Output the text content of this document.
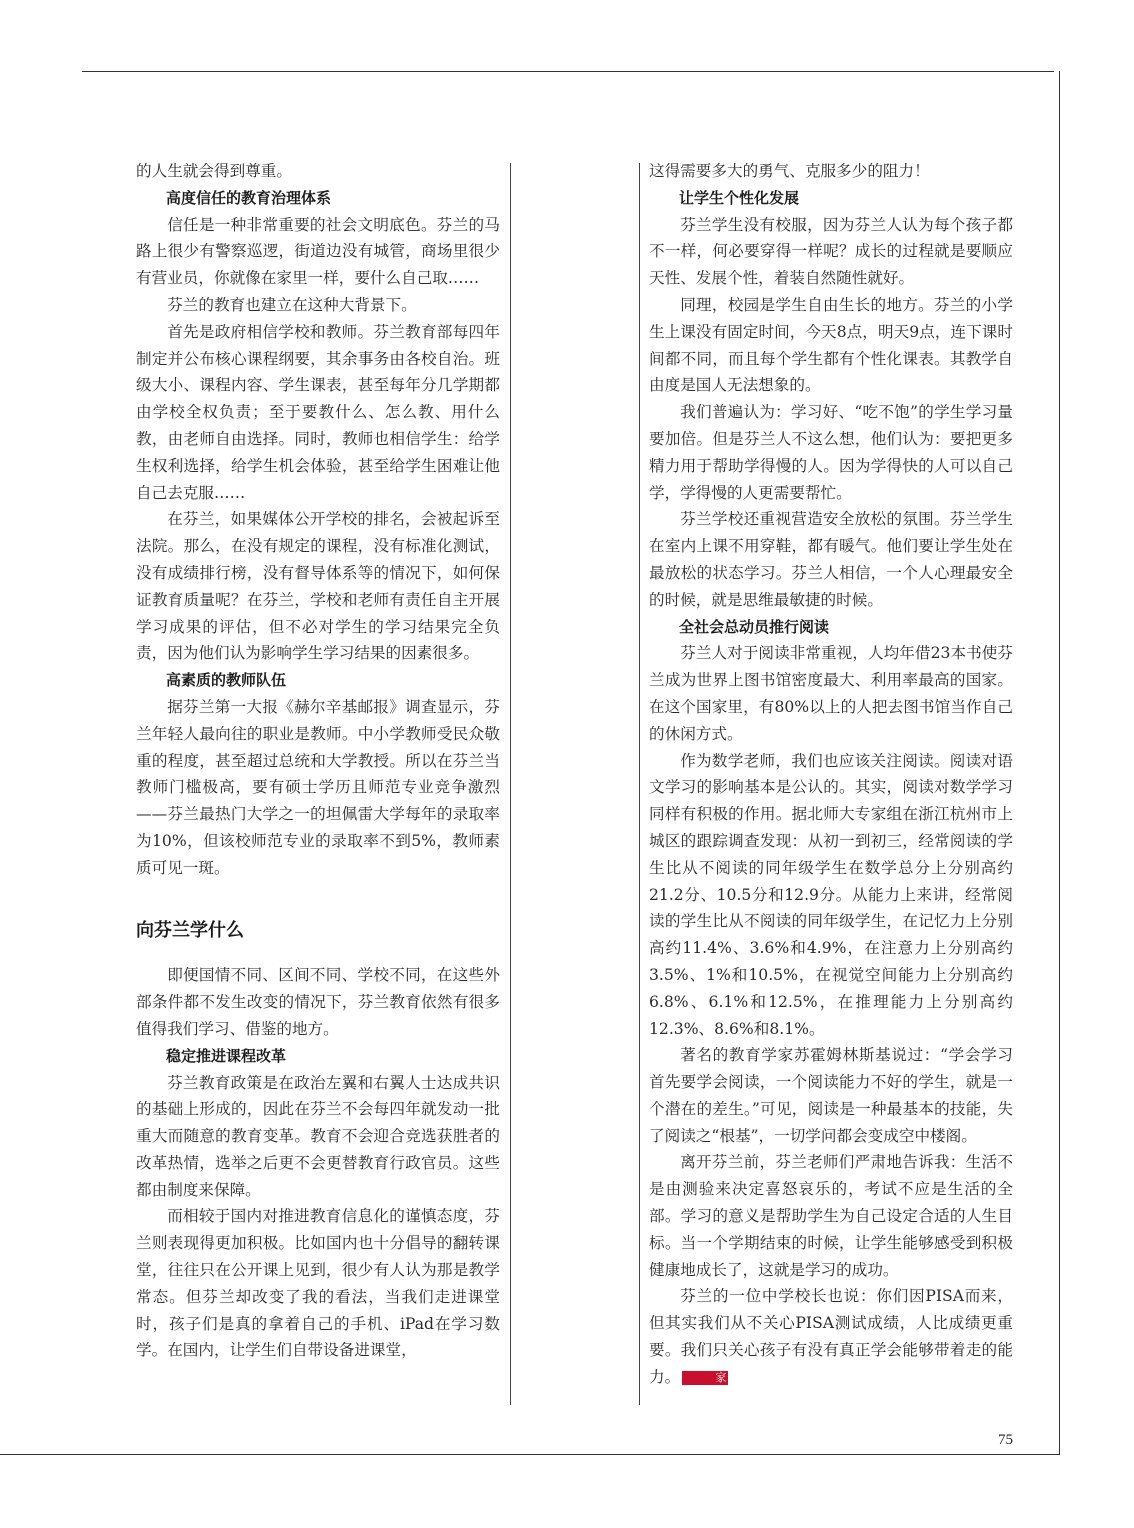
的人生就会得到尊重。

高度信任的教育治理体系

信任是一种非常重要的社会文明底色。芬兰的马路上很少有警察巡逻，街道边没有城管，商场里很少有营业员，你就像在家里一样，要什么自己取……

芬兰的教育也建立在这种大背景下。

首先是政府相信学校和教师。芬兰教育部每四年制定并公布核心课程纲要，其余事务由各校自治。班级大小、课程内容、学生课表，甚至每年分几学期都由学校全权负责；至于要教什么、怎么教、用什么教，由老师自由选择。同时，教师也相信学生：给学生权利选择，给学生机会体验，甚至给学生困难让他自己去克服……

在芬兰，如果媒体公开学校的排名，会被起诉至法院。那么，在没有规定的课程，没有标准化测试，没有成绩排行榜，没有督导体系等的情况下，如何保证教育质量呢？在芬兰，学校和老师有责任自主开展学习成果的评估，但不必对学生的学习结果完全负责，因为他们认为影响学生学习结果的因素很多。

高素质的教师队伍

据芬兰第一大报《赫尔辛基邮报》调查显示，芬兰年轻人最向往的职业是教师。中小学教师受民众敬重的程度，甚至超过总统和大学教授。所以在芬兰当教师门槛极高，要有硕士学历且师范专业竞争激烈——芬兰最热门大学之一的坦佩雷大学每年的录取率为10%，但该校师范专业的录取率不到5%，教师素质可见一斑。

向芬兰学什么

即便国情不同、区间不同、学校不同，在这些外部条件都不发生改变的情况下，芬兰教育依然有很多值得我们学习、借鉴的地方。

稳定推进课程改革

芬兰教育政策是在政治左翼和右翼人士达成共识的基础上形成的，因此在芬兰不会每四年就发动一批重大而随意的教育变革。教育不会迎合竞选获胜者的改革热情，选举之后更不会更替教育行政官员。这些都由制度来保障。

而相较于国内对推进教育信息化的谨慎态度，芬兰则表现得更加积极。比如国内也十分倡导的翻转课堂，往往只在公开课上见到，很少有人认为那是教学常态。但芬兰却改变了我的看法，当我们走进课堂时，孩子们是真的拿着自己的手机、iPad在学习数学。在国内，让学生们自带设备进课堂，

这得需要多大的勇气、克服多少的阻力！

让学生个性化发展

芬兰学生没有校服，因为芬兰人认为每个孩子都不一样，何必要穿得一样呢？成长的过程就是要顺应天性、发展个性，着装自然随性就好。

同理，校园是学生自由生长的地方。芬兰的小学生上课没有固定时间，今天8点，明天9点，连下课时间都不同，而且每个学生都有个性化课表。其教学自由度是国人无法想象的。

我们普遍认为：学习好、“吃不饱”的学生学习量要加倍。但是芬兰人不这么想，他们认为：要把更多精力用于帮助学得慢的人。因为学得快的人可以自己学，学得慢的人更需要帮忙。

芬兰学校还重视营造安全放松的氛围。芬兰学生在室内上课不用穿鞋，都有暖气。他们要让学生处在最放松的状态学习。芬兰人相信，一个人心理最安全的时候，就是思维最敏捷的时候。

全社会总动员推行阅读

芬兰人对于阅读非常重视，人均年借23本书使芬兰成为世界上图书馆密度最大、利用率最高的国家。在这个国家里，有80%以上的人把去图书馆当作自己的休闲方式。

作为数学老师，我们也应该关注阅读。阅读对语文学习的影响基本是公认的。其实，阅读对数学学习同样有积极的作用。据北师大专家组在浙江杭州市上城区的跟踪调查发现：从初一到初三，经常阅读的学生比从不阅读的同年级学生在数学总分上分别高约21.2分、10.5分和12.9分。从能力上来讲，经常阅读的学生比从不阅读的同年级学生，在记忆力上分别高约11.4%、3.6%和4.9%，在注意力上分别高约3.5%、1%和10.5%，在视觉空间能力上分别高约6.8%、6.1%和12.5%，在推理能力上分别高约12.3%、8.6%和8.1%。

著名的教育学家苏霍姆林斯基说过：“学会学习首先要学会阅读，一个阅读能力不好的学生，就是一个潜在的差生。”可见，阅读是一种最基本的技能，失了阅读之“根基”，一切学问都会变成空中楼阁。

离开芬兰前，芬兰老师们严肃地告诉我：生活不是由测验来决定喜怒哀乐的，考试不应是生活的全部。学习的意义是帮助学生为自己设定合适的人生目标。当一个学期结束的时候，让学生能够感受到积极健康地成长了，这就是学习的成功。

芬兰的一位中学校长也说：你们因PISA而来，但其实我们从不关心PISA测试成绩，人比成绩更重要。我们只关心孩子有没有真正学会能够带着走的能力。	家

75
